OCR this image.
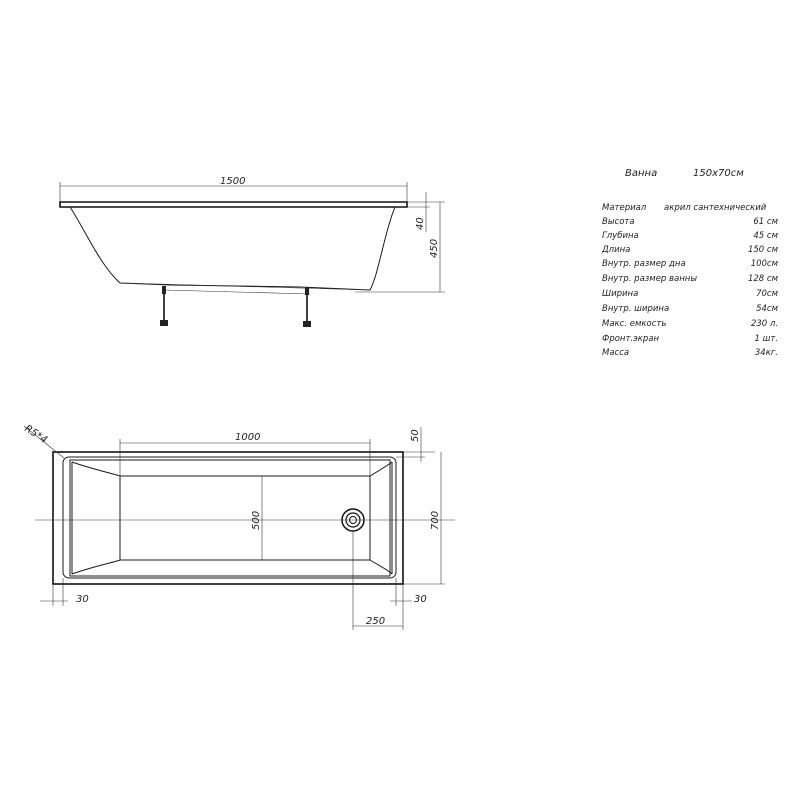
1500
40
450
1000
500
50
700
30	30
250
R5*4
Ванна	150x70см
Материал акрил сантехнический
Высота	61 см
Глубина	45 см
Длина	150 см
Внутр. размер дна	100см
Внутр. размер ванны	128 см
Ширина	70см
Внутр. ширина	54см
Макс. емкость	230 л.
Фронт.экран	1 шт.
Масса	34кг.
